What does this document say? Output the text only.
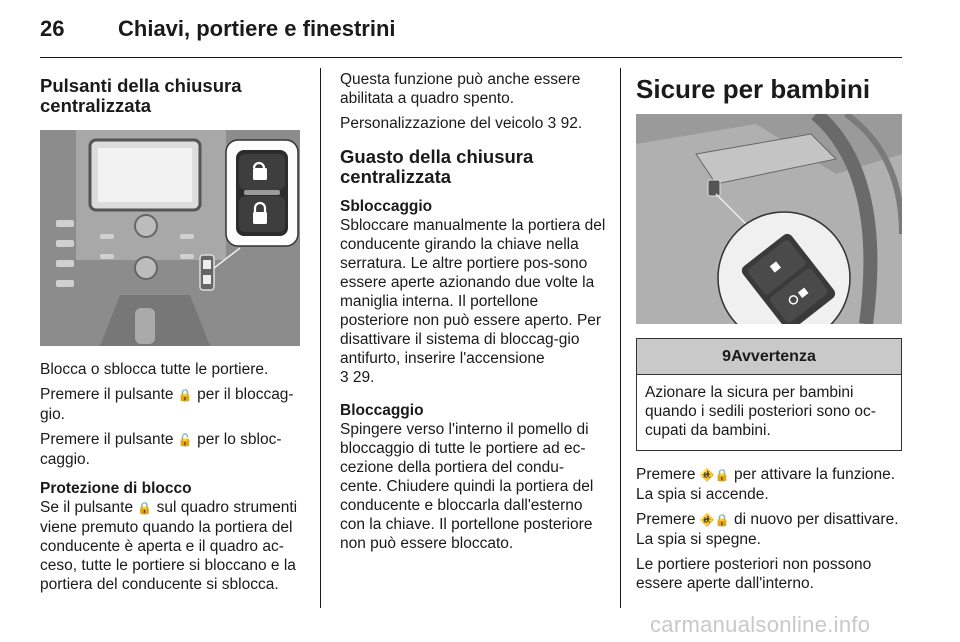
26 Chiavi, portiere e finestrini
Pulsanti della chiusura centralizzata

Blocca o sblocca tutte le portiere.

Premere il pulsante 🔒 per il bloccag-gio.

Premere il pulsante 🔓 per lo sbloc-caggio.

Protezione di blocco

Se il pulsante 🔒 sul quadro strumenti viene premuto quando la portiera del conducente è aperta e il quadro ac-ceso, tutte le portiere si bloccano e la portiera del conducente si sblocca.

Questa funzione può anche essere abilitata a quadro spento.

Personalizzazione del veicolo 3 92.

Guasto della chiusura centralizzata

Sbloccaggio

Sbloccare manualmente la portiera del conducente girando la chiave nella serratura. Le altre portiere pos-sono essere aperte azionando due volte la maniglia interna. Il portellone posteriore non può essere aperto. Per disattivare il sistema di bloccag-gio antifurto, inserire l'accensione
3 29.

Bloccaggio

Spingere verso l'interno il pomello di bloccaggio di tutte le portiere ad ec-cezione della portiera del condu-cente. Chiudere quindi la portiera del conducente e bloccarla dall'esterno con la chiave. Il portellone posteriore non può essere bloccato.

Sicure per bambini
9Avvertenza
Azionare la sicura per bambini quando i sedili posteriori sono oc-cupati da bambini.

Premere 🚸🔒 per attivare la funzione. La spia si accende.

Premere 🚸🔒 di nuovo per disattivare. La spia si spegne.

Le portiere posteriori non possono essere aperte dall'interno.

carmanualsonline.info
